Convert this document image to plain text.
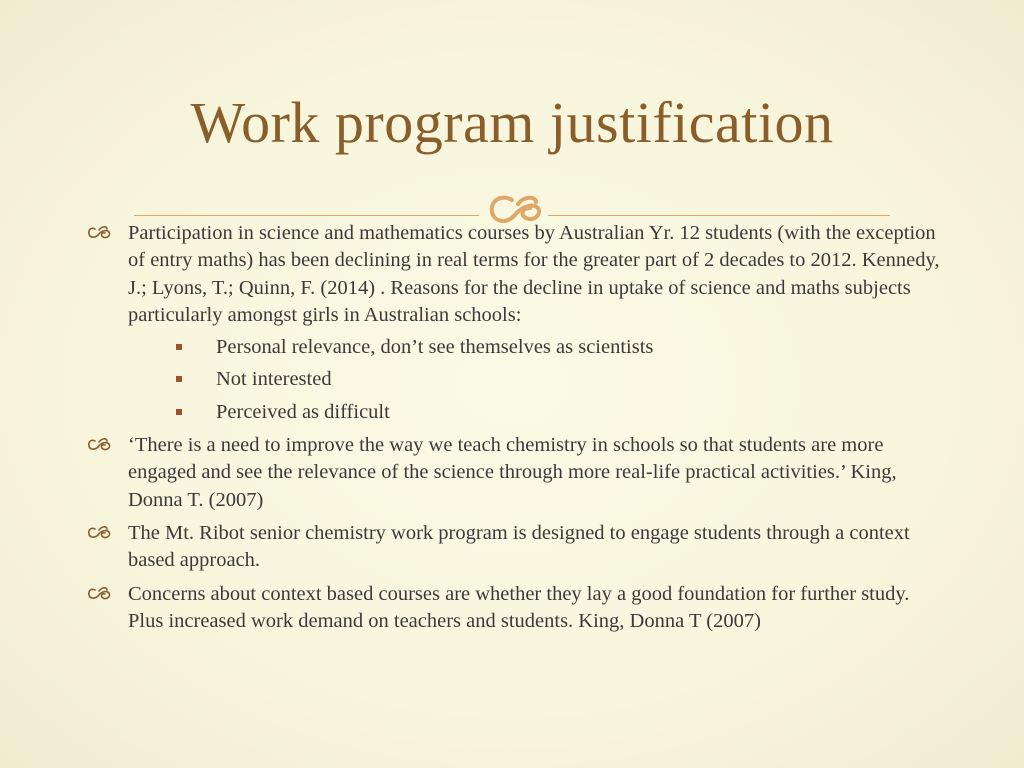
Work program justification
Participation in science and mathematics courses by Australian Yr. 12 students (with the exception of entry maths) has been declining in real terms for the greater part of 2 decades to 2012. Kennedy, J.; Lyons, T.; Quinn, F. (2014) . Reasons for the decline in uptake of science and maths subjects particularly amongst girls in Australian schools:
Personal relevance, don’t see themselves as scientists
Not interested
Perceived as difficult
‘There is a need to improve the way we teach chemistry in schools so that students are more engaged and see the relevance of the science through more real-life practical activities.’ King, Donna T. (2007)
The Mt. Ribot senior chemistry work program is designed to engage students through a context based approach.
Concerns about context based courses are whether they lay a good foundation for further study. Plus increased work demand on teachers and students. King, Donna T (2007)
